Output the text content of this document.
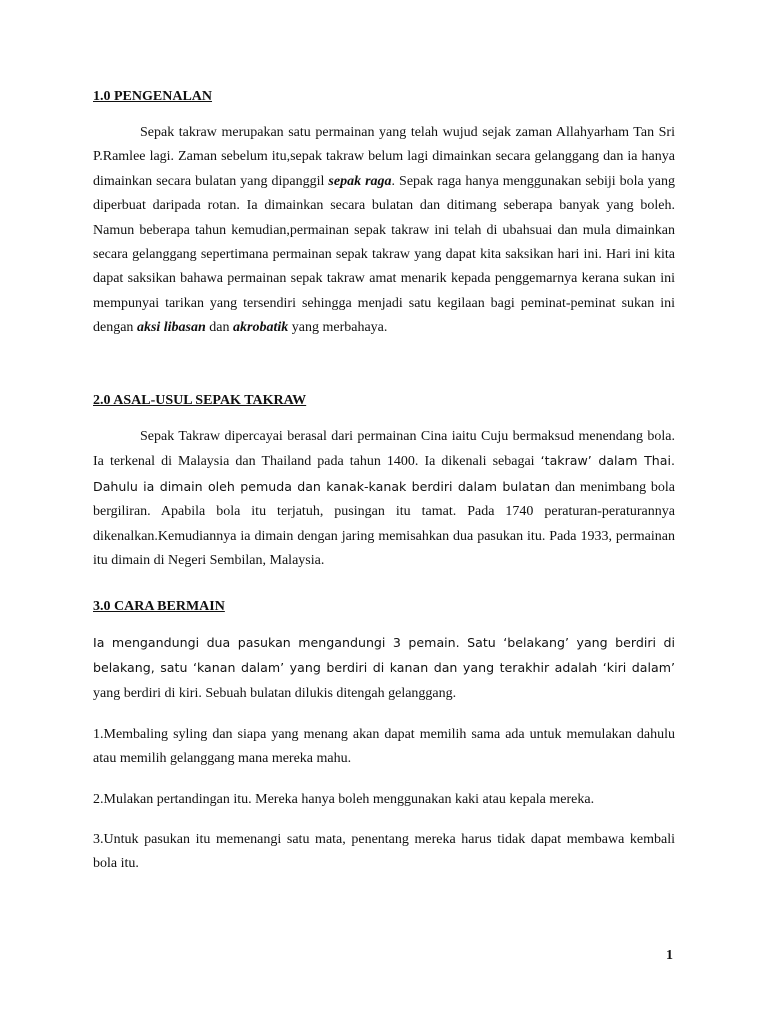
1.0 PENGENALAN

Sepak takraw merupakan satu permainan yang telah wujud sejak zaman Allahyarham Tan Sri P.Ramlee lagi. Zaman sebelum itu,sepak takraw belum lagi dimainkan secara gelanggang dan ia hanya dimainkan secara bulatan yang dipanggil sepak raga. Sepak raga hanya menggunakan sebiji bola yang diperbuat daripada rotan. Ia dimainkan secara bulatan dan ditimang seberapa banyak yang boleh. Namun beberapa tahun kemudian,permainan sepak takraw ini telah di ubahsuai dan mula dimainkan secara gelanggang sepertimana permainan sepak takraw yang dapat kita saksikan hari ini. Hari ini kita dapat saksikan bahawa permainan sepak takraw amat menarik kepada penggemarnya kerana sukan ini mempunyai tarikan yang tersendiri sehingga menjadi satu kegilaan bagi peminat-peminat sukan ini dengan aksi libasan dan akrobatik yang merbahaya.

2.0 ASAL-USUL SEPAK TAKRAW

Sepak Takraw dipercayai berasal dari permainan Cina iaitu Cuju bermaksud menendang bola. Ia terkenal di Malaysia dan Thailand pada tahun 1400. Ia dikenali sebagai ‘takraw’ dalam Thai. Dahulu ia dimain oleh pemuda dan kanak-kanak berdiri dalam bulatan dan menimbang bola bergiliran. Apabila bola itu terjatuh, pusingan itu tamat. Pada 1740 peraturan-peraturannya dikenalkan.Kemudiannya ia dimain dengan jaring memisahkan dua pasukan itu. Pada 1933, permainan itu dimain di Negeri Sembilan, Malaysia.

3.0 CARA BERMAIN

Ia mengandungi dua pasukan mengandungi 3 pemain. Satu ‘belakang’ yang berdiri di belakang, satu ‘kanan dalam’ yang berdiri di kanan dan yang terakhir adalah ‘kiri dalam’ yang berdiri di kiri. Sebuah bulatan dilukis ditengah gelanggang.

1.Membaling syling dan siapa yang menang akan dapat memilih sama ada untuk memulakan dahulu atau memilih gelanggang mana mereka mahu.

2.Mulakan pertandingan itu. Mereka hanya boleh menggunakan kaki atau kepala mereka.

3.Untuk pasukan itu memenangi satu mata, penentang mereka harus tidak dapat membawa kembali bola itu.

1
